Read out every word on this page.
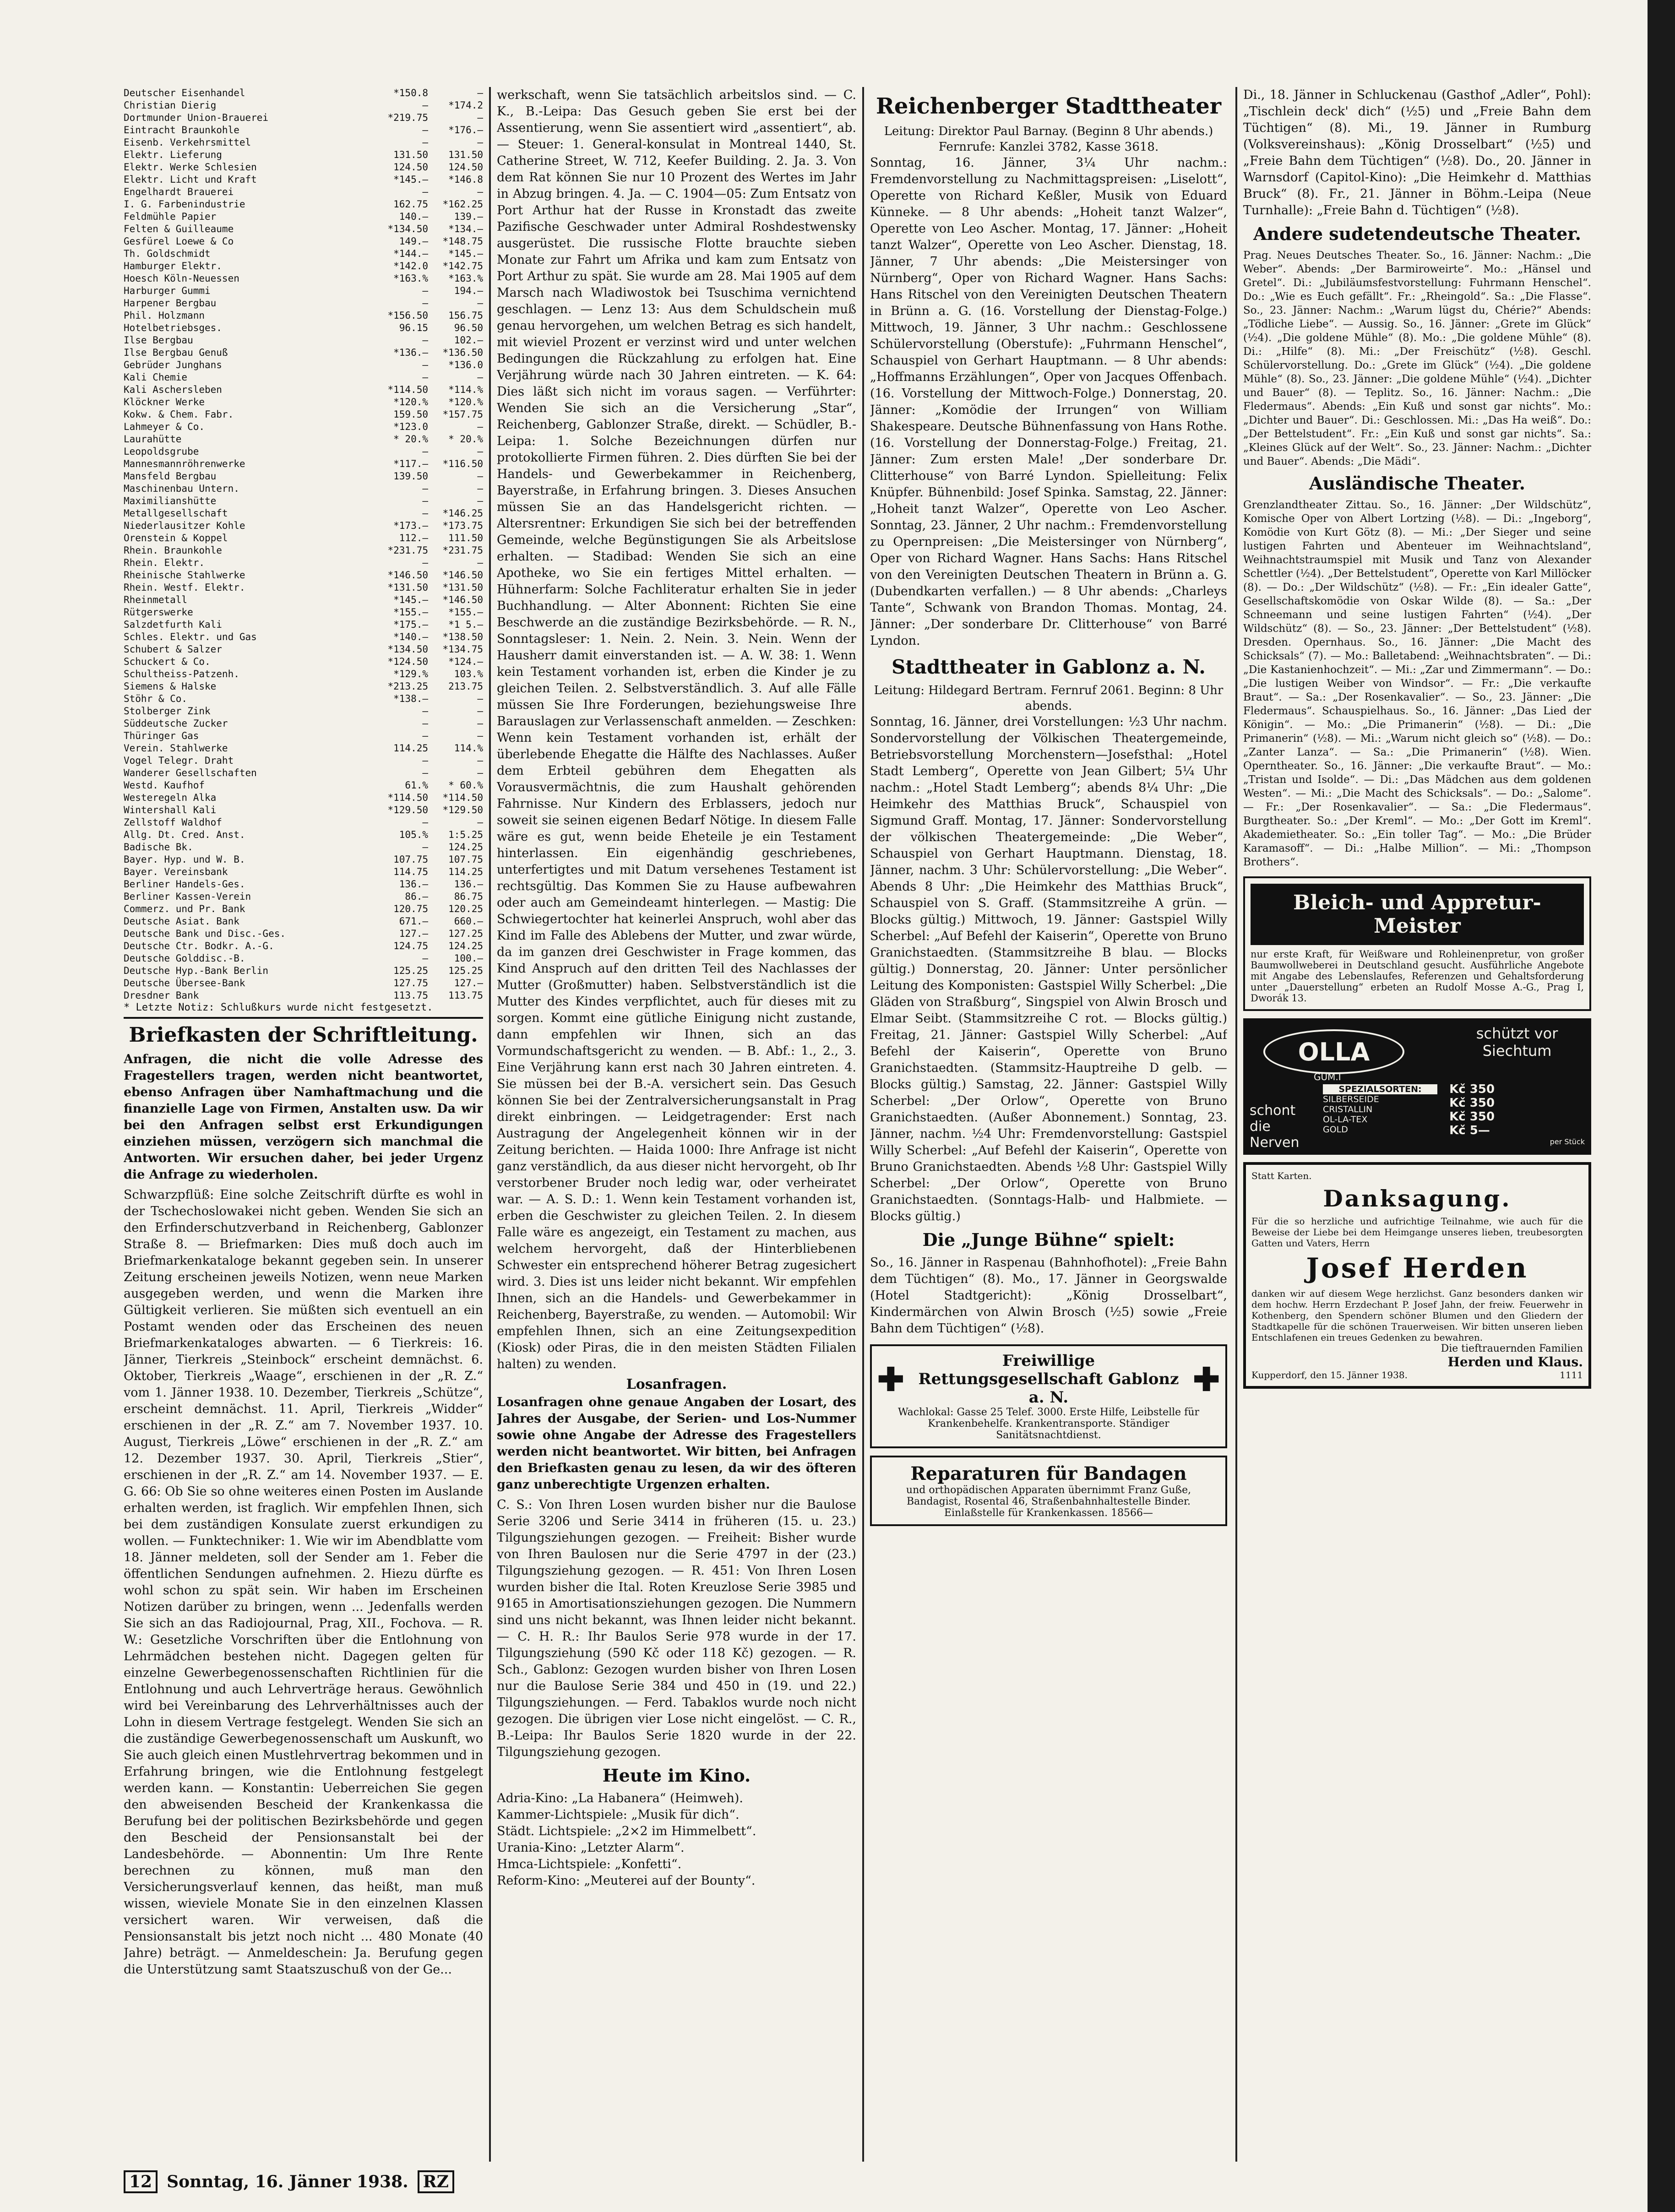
Deutscher Eisenhandel	*150.8	—
Christian Dierig	—	*174.2
Dortmunder Union-Brauerei	*219.75	—
Eintracht Braunkohle	—	*176.—
Eisenb. Verkehrsmittel	—	—
Elektr. Lieferung	131.50	131.50
Elektr. Werke Schlesien	124.50	124.50
Elektr. Licht und Kraft	*145.—	*146.8
Engelhardt Brauerei	—	—
I. G. Farbenindustrie	162.75	*162.25
Feldmühle Papier	140.—	139.—
Felten & Guilleaume	*134.50	*134.—
Gesfürel Loewe & Co	149.—	*148.75
Th. Goldschmidt	*144.—	*145.—
Hamburger Elektr.	*142.0	*142.75
Hoesch Köln-Neuessen	*163.%	*163.%
Harburger Gummi	—	194.—
Harpener Bergbau	—	—
Phil. Holzmann	*156.50	156.75
Hotelbetriebsges.	96.15	96.50
Ilse Bergbau	—	102.—
Ilse Bergbau Genuß	*136.—	*136.50
Gebrüder Junghans	—	*136.0
Kali Chemie	—	—
Kali Aschersleben	*114.50	*114.%
Klöckner Werke	*120.%	*120.%
Kokw. & Chem. Fabr.	159.50	*157.75
Lahmeyer & Co.	*123.0	—
Laurahütte	* 20.%	* 20.%
Leopoldsgrube	—	—
Mannesmannröhrenwerke	*117.—	*116.50
Mansfeld Bergbau	139.50	—
Maschinenbau Untern.	—	—
Maximilianshütte	—	—
Metallgesellschaft	—	*146.25
Niederlausitzer Kohle	*173.—	*173.75
Orenstein & Koppel	112.—	111.50
Rhein. Braunkohle	*231.75	*231.75
Rhein. Elektr.	—	—
Rheinische Stahlwerke	*146.50	*146.50
Rhein. Westf. Elektr.	*131.50	*131.50
Rheinmetall	*145.—	*146.50
Rütgerswerke	*155.—	*155.—
Salzdetfurth Kali	*175.—	*1 5.—
Schles. Elektr. und Gas	*140.—	*138.50
Schubert & Salzer	*134.50	*134.75
Schuckert & Co.	*124.50	*124.—
Schultheiss-Patzenh.	*129.%	103.%
Siemens & Halske	*213.25	213.75
Stöhr & Co.	*138.—	—
Stolberger Zink	—	—
Süddeutsche Zucker	—	—
Thüringer Gas	—	—
Verein. Stahlwerke	114.25	114.%
Vogel Telegr. Draht	—	—
Wanderer Gesellschaften	—	—
Westd. Kaufhof	61.%	* 60.%
Westeregeln Alka	*114.50	*114.50
Wintershall Kali	*129.50	*129.50
Zellstoff Waldhof	—	—
Allg. Dt. Cred. Anst.	105.%	1:5.25
Badische Bk.	—	124.25
Bayer. Hyp. und W. B.	107.75	107.75
Bayer. Vereinsbank	114.75	114.25
Berliner Handels-Ges.	136.—	136.—
Berliner Kassen-Verein	86.—	86.75
Commerz. und Pr. Bank	120.75	120.25
Deutsche Asiat. Bank	671.—	660.—
Deutsche Bank und Disc.-Ges.	127.—	127.25
Deutsche Ctr. Bodkr. A.-G.	124.75	124.25
Deutsche Golddisc.-B.	—	100.—
Deutsche Hyp.-Bank Berlin	125.25	125.25
Deutsche Übersee-Bank	127.75	127.—
Dresdner Bank	113.75	113.75
* Letzte Notiz: Schlußkurs wurde nicht festgesetzt.
Briefkasten der Schriftleitung.

Anfragen, die nicht die volle Adresse des Fragestellers tragen, werden nicht beantwortet, ebenso Anfragen über Namhaftmachung und die finanzielle Lage von Firmen, Anstalten usw. Da wir bei den Anfragen selbst erst Erkundigungen einziehen müssen, verzögern sich manchmal die Antworten. Wir ersuchen daher, bei jeder Urgenz die Anfrage zu wiederholen.

Schwarzpflüß: Eine solche Zeitschrift dürfte es wohl in der Tschechoslowakei nicht geben. Wenden Sie sich an den Erfinderschutzverband in Reichenberg, Gablonzer Straße 8. — Briefmarken: Dies muß doch auch im Briefmarkenkataloge bekannt gegeben sein. In unserer Zeitung erscheinen jeweils Notizen, wenn neue Marken ausgegeben werden, und wenn die Marken ihre Gültigkeit verlieren. Sie müßten sich eventuell an ein Postamt wenden oder das Erscheinen des neuen Briefmarkenkataloges abwarten. — 6 Tierkreis: 16. Jänner, Tierkreis „Steinbock“ erscheint demnächst. 6. Oktober, Tierkreis „Waage“, erschienen in der „R. Z.“ vom 1. Jänner 1938. 10. Dezember, Tierkreis „Schütze“, erscheint demnächst. 11. April, Tierkreis „Widder“ erschienen in der „R. Z.“ am 7. November 1937. 10. August, Tierkreis „Löwe“ erschienen in der „R. Z.“ am 12. Dezember 1937. 30. April, Tierkreis „Stier“, erschienen in der „R. Z.“ am 14. November 1937. — E. G. 66: Ob Sie so ohne weiteres einen Posten im Auslande erhalten werden, ist fraglich. Wir empfehlen Ihnen, sich bei dem zuständigen Konsulate zuerst erkundigen zu wollen. — Funktechniker: 1. Wie wir im Abendblatte vom 18. Jänner meldeten, soll der Sender am 1. Feber die öffentlichen Sendungen aufnehmen. 2. Hiezu dürfte es wohl schon zu spät sein. Wir haben im Erscheinen Notizen darüber zu bringen, wenn ... Jedenfalls werden Sie sich an das Radiojournal, Prag, XII., Fochova. — R. W.: Gesetzliche Vorschriften über die Entlohnung von Lehrmädchen bestehen nicht. Dagegen gelten für einzelne Gewerbegenossenschaften Richtlinien für die Entlohnung und auch Lehrverträge heraus. Gewöhnlich wird bei Vereinbarung des Lehrverhältnisses auch der Lohn in diesem Vertrage festgelegt. Wenden Sie sich an die zuständige Gewerbegenossenschaft um Auskunft, wo Sie auch gleich einen Mustlehrvertrag bekommen und in Erfahrung bringen, wie die Entlohnung festgelegt werden kann. — Konstantin: Ueberreichen Sie gegen den abweisenden Bescheid der Krankenkassa die Berufung bei der politischen Bezirksbehörde und gegen den Bescheid der Pensionsanstalt bei der Landesbehörde. — Abonnentin: Um Ihre Rente berechnen zu können, muß man den Versicherungsverlauf kennen, das heißt, man muß wissen, wieviele Monate Sie in den einzelnen Klassen versichert waren. Wir verweisen, daß die Pensionsanstalt bis jetzt noch nicht ... 480 Monate (40 Jahre) beträgt. — Anmeldeschein: Ja. Berufung gegen die Unterstützung samt Staatszuschuß von der Ge...

werkschaft, wenn Sie tatsächlich arbeitslos sind. — C. K., B.-Leipa: Das Gesuch geben Sie erst bei der Assentierung, wenn Sie assentiert wird „assentiert“, ab. — Steuer: 1. General-konsulat in Montreal 1440, St. Catherine Street, W. 712, Keefer Building. 2. Ja. 3. Von dem Rat können Sie nur 10 Prozent des Wertes im Jahr in Abzug bringen. 4. Ja. — C. 1904—05: Zum Entsatz von Port Arthur hat der Russe in Kronstadt das zweite Pazifische Geschwader unter Admiral Roshdestwensky ausgerüstet. Die russische Flotte brauchte sieben Monate zur Fahrt um Afrika und kam zum Entsatz von Port Arthur zu spät. Sie wurde am 28. Mai 1905 auf dem Marsch nach Wladiwostok bei Tsuschima vernichtend geschlagen. — Lenz 13: Aus dem Schuldschein muß genau hervorgehen, um welchen Betrag es sich handelt, mit wieviel Prozent er verzinst wird und unter welchen Bedingungen die Rückzahlung zu erfolgen hat. Eine Verjährung würde nach 30 Jahren eintreten. — K. 64: Dies läßt sich nicht im voraus sagen. — Verführter: Wenden Sie sich an die Versicherung „Star“, Reichenberg, Gablonzer Straße, direkt. — Schüdler, B.-Leipa: 1. Solche Bezeichnungen dürfen nur protokollierte Firmen führen. 2. Dies dürften Sie bei der Handels- und Gewerbekammer in Reichenberg, Bayerstraße, in Erfahrung bringen. 3. Dieses Ansuchen müssen Sie an das Handelsgericht richten. — Altersrentner: Erkundigen Sie sich bei der betreffenden Gemeinde, welche Begünstigungen Sie als Arbeitslose erhalten. — Stadibad: Wenden Sie sich an eine Apotheke, wo Sie ein fertiges Mittel erhalten. — Hühnerfarm: Solche Fachliteratur erhalten Sie in jeder Buchhandlung. — Alter Abonnent: Richten Sie eine Beschwerde an die zuständige Bezirksbehörde. — R. N., Sonntagsleser: 1. Nein. 2. Nein. 3. Nein. Wenn der Hausherr damit einverstanden ist. — A. W. 38: 1. Wenn kein Testament vorhanden ist, erben die Kinder je zu gleichen Teilen. 2. Selbstverständlich. 3. Auf alle Fälle müssen Sie Ihre Forderungen, beziehungsweise Ihre Barauslagen zur Verlassenschaft anmelden. — Zeschken: Wenn kein Testament vorhanden ist, erhält der überlebende Ehegatte die Hälfte des Nachlasses. Außer dem Erbteil gebühren dem Ehegatten als Vorausvermächtnis, die zum Haushalt gehörenden Fahrnisse. Nur Kindern des Erblassers, jedoch nur soweit sie seinen eigenen Bedarf Nötige. In diesem Falle wäre es gut, wenn beide Eheteile je ein Testament hinterlassen. Ein eigenhändig geschriebenes, unterfertigtes und mit Datum versehenes Testament ist rechtsgültig. Das Kommen Sie zu Hause aufbewahren oder auch am Gemeindeamt hinterlegen. — Mastig: Die Schwiegertochter hat keinerlei Anspruch, wohl aber das Kind im Falle des Ablebens der Mutter, und zwar würde, da im ganzen drei Geschwister in Frage kommen, das Kind Anspruch auf den dritten Teil des Nachlasses der Mutter (Großmutter) haben. Selbstverständlich ist die Mutter des Kindes verpflichtet, auch für dieses mit zu sorgen. Kommt eine gütliche Einigung nicht zustande, dann empfehlen wir Ihnen, sich an das Vormundschaftsgericht zu wenden. — B. Abf.: 1., 2., 3. Eine Verjährung kann erst nach 30 Jahren eintreten. 4. Sie müssen bei der B.-A. versichert sein. Das Gesuch können Sie bei der Zentralversicherungsanstalt in Prag direkt einbringen. — Leidgetragender: Erst nach Austragung der Angelegenheit können wir in der Zeitung berichten. — Haida 1000: Ihre Anfrage ist nicht ganz verständlich, da aus dieser nicht hervorgeht, ob Ihr verstorbener Bruder noch ledig war, oder verheiratet war. — A. S. D.: 1. Wenn kein Testament vorhanden ist, erben die Geschwister zu gleichen Teilen. 2. In diesem Falle wäre es angezeigt, ein Testament zu machen, aus welchem hervorgeht, daß der Hinterbliebenen Schwester ein entsprechend höherer Betrag zugesichert wird. 3. Dies ist uns leider nicht bekannt. Wir empfehlen Ihnen, sich an die Handels- und Gewerbekammer in Reichenberg, Bayerstraße, zu wenden. — Automobil: Wir empfehlen Ihnen, sich an eine Zeitungsexpedition (Kiosk) oder Piras, die in den meisten Städten Filialen halten) zu wenden.

Losanfragen.

Losanfragen ohne genaue Angaben der Losart, des Jahres der Ausgabe, der Serien- und Los-Nummer sowie ohne Angabe der Adresse des Fragestellers werden nicht beantwortet. Wir bitten, bei Anfragen den Briefkasten genau zu lesen, da wir des öfteren ganz unberechtigte Urgenzen erhalten.

C. S.: Von Ihren Losen wurden bisher nur die Baulose Serie 3206 und Serie 3414 in früheren (15. u. 23.) Tilgungsziehungen gezogen. — Freiheit: Bisher wurde von Ihren Baulosen nur die Serie 4797 in der (23.) Tilgungsziehung gezogen. — R. 451: Von Ihren Losen wurden bisher die Ital. Roten Kreuzlose Serie 3985 und 9165 in Amortisationsziehungen gezogen. Die Nummern sind uns nicht bekannt, was Ihnen leider nicht bekannt. — C. H. R.: Ihr Baulos Serie 978 wurde in der 17. Tilgungsziehung (590 Kč oder 118 Kč) gezogen. — R. Sch., Gablonz: Gezogen wurden bisher von Ihren Losen nur die Baulose Serie 384 und 450 in (19. und 22.) Tilgungsziehungen. — Ferd. Tabaklos wurde noch nicht gezogen. Die übrigen vier Lose nicht eingelöst. — C. R., B.-Leipa: Ihr Baulos Serie 1820 wurde in der 22. Tilgungsziehung gezogen.

Heute im Kino.
Adria-Kino: „La Habanera“ (Heimweh).
Kammer-Lichtspiele: „Musik für dich“.
Städt. Lichtspiele: „2×2 im Himmelbett“.
Urania-Kino: „Letzter Alarm“.
Hmca-Lichtspiele: „Konfetti“.
Reform-Kino: „Meuterei auf der Bounty“.
Reichenberger Stadttheater
Leitung: Direktor Paul Barnay. (Beginn 8 Uhr abends.) Fernrufe: Kanzlei 3782, Kasse 3618.

Sonntag, 16. Jänner, 3¼ Uhr nachm.: Fremdenvorstellung zu Nachmittagspreisen: „Liselott“, Operette von Richard Keßler, Musik von Eduard Künneke. — 8 Uhr abends: „Hoheit tanzt Walzer“, Operette von Leo Ascher. Montag, 17. Jänner: „Hoheit tanzt Walzer“, Operette von Leo Ascher. Dienstag, 18. Jänner, 7 Uhr abends: „Die Meistersinger von Nürnberg“, Oper von Richard Wagner. Hans Sachs: Hans Ritschel von den Vereinigten Deutschen Theatern in Brünn a. G. (16. Vorstellung der Dienstag-Folge.) Mittwoch, 19. Jänner, 3 Uhr nachm.: Geschlossene Schülervorstellung (Oberstufe): „Fuhrmann Henschel“, Schauspiel von Gerhart Hauptmann. — 8 Uhr abends: „Hoffmanns Erzählungen“, Oper von Jacques Offenbach. (16. Vorstellung der Mittwoch-Folge.) Donnerstag, 20. Jänner: „Komödie der Irrungen“ von William Shakespeare. Deutsche Bühnenfassung von Hans Rothe. (16. Vorstellung der Donnerstag-Folge.) Freitag, 21. Jänner: Zum ersten Male! „Der sonderbare Dr. Clitterhouse“ von Barré Lyndon. Spielleitung: Felix Knüpfer. Bühnenbild: Josef Spinka. Samstag, 22. Jänner: „Hoheit tanzt Walzer“, Operette von Leo Ascher. Sonntag, 23. Jänner, 2 Uhr nachm.: Fremdenvorstellung zu Opernpreisen: „Die Meistersinger von Nürnberg“, Oper von Richard Wagner. Hans Sachs: Hans Ritschel von den Vereinigten Deutschen Theatern in Brünn a. G. (Dubendkarten verfallen.) — 8 Uhr abends: „Charleys Tante“, Schwank von Brandon Thomas. Montag, 24. Jänner: „Der sonderbare Dr. Clitterhouse“ von Barré Lyndon.

Stadttheater in Gablonz a. N.
Leitung: Hildegard Bertram. Fernruf 2061. Beginn: 8 Uhr abends.

Sonntag, 16. Jänner, drei Vorstellungen: ½3 Uhr nachm. Sondervorstellung der Völkischen Theatergemeinde, Betriebsvorstellung Morchenstern—Josefsthal: „Hotel Stadt Lemberg“, Operette von Jean Gilbert; 5¼ Uhr nachm.: „Hotel Stadt Lemberg“; abends 8¼ Uhr: „Die Heimkehr des Matthias Bruck“, Schauspiel von Sigmund Graff. Montag, 17. Jänner: Sondervorstellung der völkischen Theatergemeinde: „Die Weber“, Schauspiel von Gerhart Hauptmann. Dienstag, 18. Jänner, nachm. 3 Uhr: Schülervorstellung: „Die Weber“. Abends 8 Uhr: „Die Heimkehr des Matthias Bruck“, Schauspiel von S. Graff. (Stammsitzreihe A grün. — Blocks gültig.) Mittwoch, 19. Jänner: Gastspiel Willy Scherbel: „Auf Befehl der Kaiserin“, Operette von Bruno Granichstaedten. (Stammsitzreihe B blau. — Blocks gültig.) Donnerstag, 20. Jänner: Unter persönlicher Leitung des Komponisten: Gastspiel Willy Scherbel: „Die Gläden von Straßburg“, Singspiel von Alwin Brosch und Elmar Seibt. (Stammsitzreihe C rot. — Blocks gültig.) Freitag, 21. Jänner: Gastspiel Willy Scherbel: „Auf Befehl der Kaiserin“, Operette von Bruno Granichstaedten. (Stammsitz-Hauptreihe D gelb. — Blocks gültig.) Samstag, 22. Jänner: Gastspiel Willy Scherbel: „Der Orlow“, Operette von Bruno Granichstaedten. (Außer Abonnement.) Sonntag, 23. Jänner, nachm. ½4 Uhr: Fremdenvorstellung: Gastspiel Willy Scherbel: „Auf Befehl der Kaiserin“, Operette von Bruno Granichstaedten. Abends ½8 Uhr: Gastspiel Willy Scherbel: „Der Orlow“, Operette von Bruno Granichstaedten. (Sonntags-Halb- und Halbmiete. — Blocks gültig.)

Die „Junge Bühne“ spielt:

So., 16. Jänner in Raspenau (Bahnhofhotel): „Freie Bahn dem Tüchtigen“ (8). Mo., 17. Jänner in Georgswalde (Hotel Stadtgericht): „König Drosselbart“, Kindermärchen von Alwin Brosch (½5) sowie „Freie Bahn dem Tüchtigen“ (½8).

✚	Freiwillige Rettungsgesellschaft Gablonz a. N.	✚
Wachlokal: Gasse 25 Telef. 3000. Erste Hilfe, Leibstelle für Krankenbehelfe. Krankentransporte. Ständiger Sanitätsnachtdienst.
Reparaturen für Bandagen
und orthopädischen Apparaten übernimmt Franz Guße, Bandagist, Rosental 46, Straßenbahnhaltestelle Binder. Einlaßstelle für Krankenkassen. 18566—

Di., 18. Jänner in Schluckenau (Gasthof „Adler“, Pohl): „Tischlein deck' dich“ (½5) und „Freie Bahn dem Tüchtigen“ (8). Mi., 19. Jänner in Rumburg (Volksvereinshaus): „König Drosselbart“ (½5) und „Freie Bahn dem Tüchtigen“ (½8). Do., 20. Jänner in Warnsdorf (Capitol-Kino): „Die Heimkehr d. Matthias Bruck“ (8). Fr., 21. Jänner in Böhm.-Leipa (Neue Turnhalle): „Freie Bahn d. Tüchtigen“ (½8).

Andere sudetendeutsche Theater.

Prag. Neues Deutsches Theater. So., 16. Jänner: Nachm.: „Die Weber“. Abends: „Der Barmiroweirte“. Mo.: „Hänsel und Gretel“. Di.: „Jubiläumsfestvorstellung: Fuhrmann Henschel“. Do.: „Wie es Euch gefällt“. Fr.: „Rheingold“. Sa.: „Die Flasse“. So., 23. Jänner: Nachm.: „Warum lügst du, Chérie?“ Abends: „Tödliche Liebe“. — Aussig. So., 16. Jänner: „Grete im Glück“ (½4). „Die goldene Mühle“ (8). Mo.: „Die goldene Mühle“ (8). Di.: „Hilfe“ (8). Mi.: „Der Freischütz“ (½8). Geschl. Schülervorstellung. Do.: „Grete im Glück“ (½4). „Die goldene Mühle“ (8). So., 23. Jänner: „Die goldene Mühle“ (½4). „Dichter und Bauer“ (8). — Teplitz. So., 16. Jänner: Nachm.: „Die Fledermaus“. Abends: „Ein Kuß und sonst gar nichts“. Mo.: „Dichter und Bauer“. Di.: Geschlossen. Mi.: „Das Ha weiß“. Do.: „Der Bettelstudent“. Fr.: „Ein Kuß und sonst gar nichts“. Sa.: „Kleines Glück auf der Welt“. So., 23. Jänner: Nachm.: „Dichter und Bauer“. Abends: „Die Mädi“.

Ausländische Theater.

Grenzlandtheater Zittau. So., 16. Jänner: „Der Wildschütz“, Komische Oper von Albert Lortzing (½8). — Di.: „Ingeborg“, Komödie von Kurt Götz (8). — Mi.: „Der Sieger und seine lustigen Fahrten und Abenteuer im Weihnachtsland“, Weihnachtstraumspiel mit Musik und Tanz von Alexander Schettler (½4). „Der Bettelstudent“, Operette von Karl Millöcker (8). — Do.: „Der Wildschütz“ (½8). — Fr.: „Ein idealer Gatte“, Gesellschaftskomödie von Oskar Wilde (8). — Sa.: „Der Schneemann und seine lustigen Fahrten“ (½4). „Der Wildschütz“ (8). — So., 23. Jänner: „Der Bettelstudent“ (½8). Dresden. Opernhaus. So., 16. Jänner: „Die Macht des Schicksals“ (7). — Mo.: Balletabend: „Weihnachtsbraten“. — Di.: „Die Kastanienhochzeit“. — Mi.: „Zar und Zimmermann“. — Do.: „Die lustigen Weiber von Windsor“. — Fr.: „Die verkaufte Braut“. — Sa.: „Der Rosenkavalier“. — So., 23. Jänner: „Die Fledermaus“. Schauspielhaus. So., 16. Jänner: „Das Lied der Königin“. — Mo.: „Die Primanerin“ (½8). — Di.: „Die Primanerin“ (½8). — Mi.: „Warum nicht gleich so“ (½8). — Do.: „Zanter Lanza“. — Sa.: „Die Primanerin“ (½8). Wien. Operntheater. So., 16. Jänner: „Die verkaufte Braut“. — Mo.: „Tristan und Isolde“. — Di.: „Das Mädchen aus dem goldenen Westen“. — Mi.: „Die Macht des Schicksals“. — Do.: „Salome“. — Fr.: „Der Rosenkavalier“. — Sa.: „Die Fledermaus“. Burgtheater. So.: „Der Kreml“. — Mo.: „Der Gott im Kreml“. Akademietheater. So.: „Ein toller Tag“. — Mo.: „Die Brüder Karamasoff“. — Di.: „Halbe Million“. — Mi.: „Thompson Brothers“.

Bleich- und Appretur-Meister
nur erste Kraft, für Weißware und Rohleinenpretur, von großer Baumwollweberei in Deutschland gesucht. Ausführliche Angebote mit Angabe des Lebenslaufes, Referenzen und Gehaltsforderung unter „Dauerstellung“ erbeten an Rudolf Mosse A.-G., Prag I, Dworák 13.
OLLA
GUM.I
schont die Nerven
SPEZIALSORTEN:
SILBERSEIDE
CRISTALLIN
OL-LA-TEX
GOLD
schützt vor Siechtum
Kč 350
Kč 350
Kč 350
Kč 5—
per Stück
Statt Karten.
Danksagung.
Für die so herzliche und aufrichtige Teilnahme, wie auch für die Beweise der Liebe bei dem Heimgange unseres lieben, treubesorgten Gatten und Vaters, Herrn
Josef Herden
danken wir auf diesem Wege herzlichst. Ganz besonders danken wir dem hochw. Herrn Erzdechant P. Josef Jahn, der freiw. Feuerwehr in Kothenberg, den Spendern schöner Blumen und den Gliedern der Stadtkapelle für die schönen Trauerweisen. Wir bitten unseren lieben Entschlafenen ein treues Gedenken zu bewahren.
Die tieftrauernden Familien
Herden und Klaus.
Kupperdorf, den 15. Jänner 1938.	1111
12 Sonntag, 16. Jänner 1938. RZ
